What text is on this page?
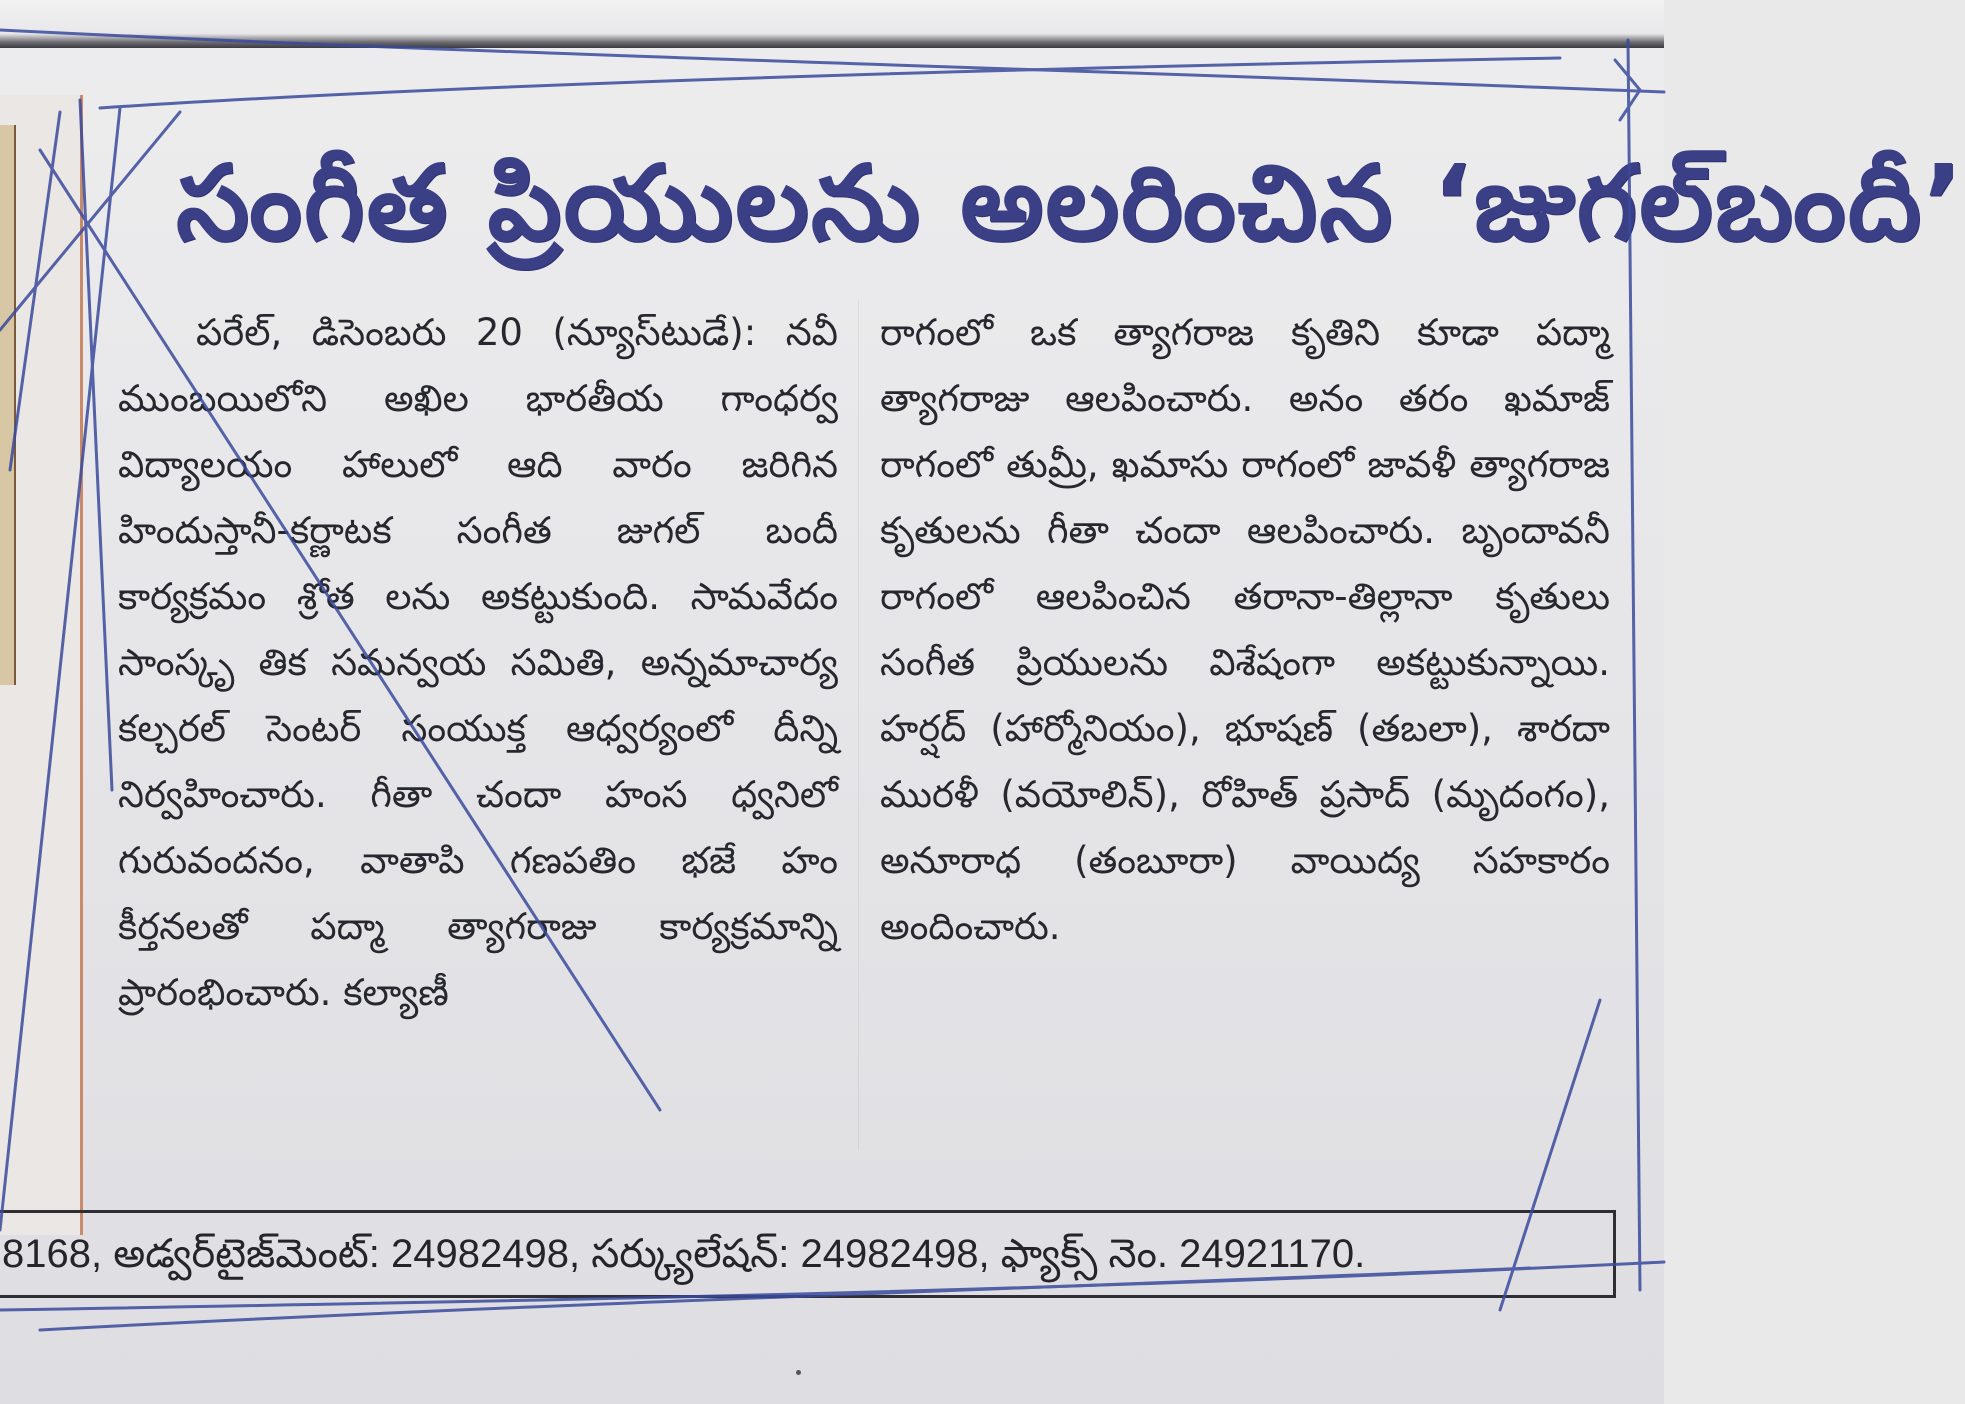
సంగీత ప్రియులను అలరించిన ‘జుగల్‌బందీ’

పరేల్, డిసెంబరు 20 (న్యూస్‌టుడే): నవీ ముంబయిలోని అఖిల భారతీయ గాంధర్వ విద్యాలయం హాలులో ఆది వారం జరిగిన హిందుస్తానీ-కర్ణాటక సంగీత జుగల్ బందీ కార్యక్రమం శ్రోత లను అకట్టుకుంది. సామవేదం సాంస్కృ తిక సమన్వయ సమితి, అన్నమాచార్య కల్చరల్ సెంటర్ సంయుక్త ఆధ్వర్యంలో దీన్ని నిర్వహించారు. గీతా చందా హంస ధ్వనిలో గురువందనం, వాతాపి గణపతిం భజే హం కీర్తనలతో పద్మా త్యాగరాజు కార్యక్రమాన్ని ప్రారంభించారు. కల్యాణీ

రాగంలో ఒక త్యాగరాజ కృతిని కూడా పద్మా త్యాగరాజు ఆలపించారు. అనం తరం ఖమాజ్ రాగంలో తుమ్రీ, ఖమాసు రాగంలో జావళీ త్యాగరాజ కృతులను గీతా చందా ఆలపించారు. బృందావనీ రాగంలో ఆలపించిన తరానా-తిల్లానా కృతులు సంగీత ప్రియులను విశేషంగా అకట్టుకున్నాయి. హర్షద్ (హార్మోనియం), భూషణ్ (తబలా), శారదా మురళీ (వయోలిన్), రోహిత్ ప్రసాద్ (మృదంగం), అనూరాధ (తంబూరా) వాయిద్య సహకారం అందించారు.

8168, అడ్వర్‌టైజ్‌మెంట్: 24982498, సర్క్యులేషన్: 24982498, ఫ్యాక్స్ నెం. 24921170.
